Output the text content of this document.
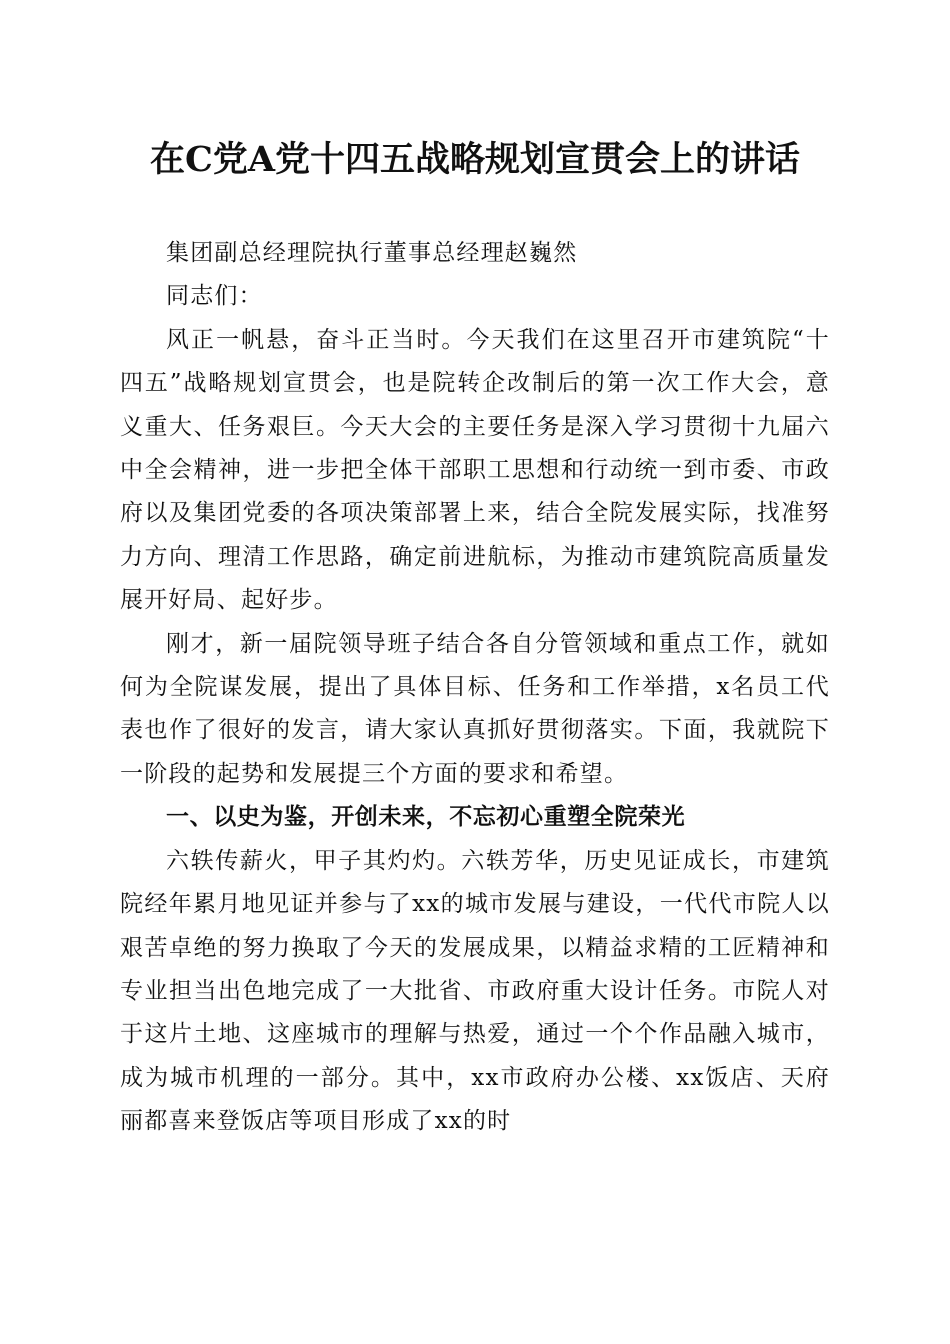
在C党A党十四五战略规划宣贯会上的讲话

集团副总经理院执行董事总经理赵巍然

同志们：

风正一帆悬，奋斗正当时。今天我们在这里召开市建筑院“十四五”战略规划宣贯会，也是院转企改制后的第一次工作大会，意义重大、任务艰巨。今天大会的主要任务是深入学习贯彻十九届六中全会精神，进一步把全体干部职工思想和行动统一到市委、市政府以及集团党委的各项决策部署上来，结合全院发展实际，找准努力方向、理清工作思路，确定前进航标，为推动市建筑院高质量发展开好局、起好步。

刚才，新一届院领导班子结合各自分管领域和重点工作，就如何为全院谋发展，提出了具体目标、任务和工作举措，x名员工代表也作了很好的发言，请大家认真抓好贯彻落实。下面，我就院下一阶段的起势和发展提三个方面的要求和希望。

一、以史为鉴，开创未来，不忘初心重塑全院荣光

六轶传薪火，甲子其灼灼。六轶芳华，历史见证成长，市建筑院经年累月地见证并参与了xx的城市发展与建设，一代代市院人以艰苦卓绝的努力换取了今天的发展成果，以精益求精的工匠精神和专业担当出色地完成了一大批省、市政府重大设计任务。市院人对于这片土地、这座城市的理解与热爱，通过一个个作品融入城市，成为城市机理的一部分。其中，xx市政府办公楼、xx饭店、天府丽都喜来登饭店等项目形成了xx的时
